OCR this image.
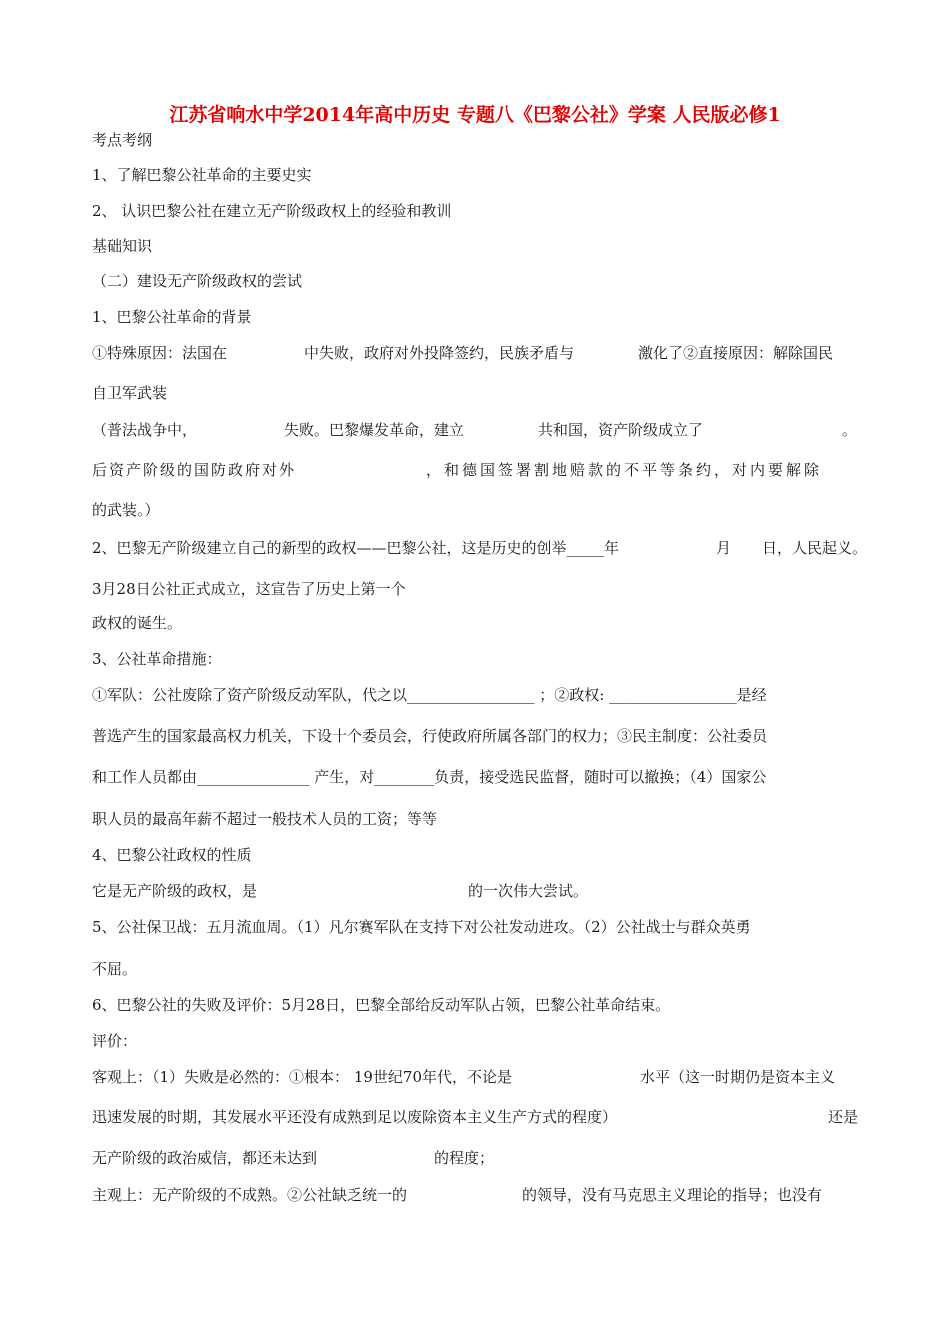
江苏省响水中学2014年高中历史 专题八《巴黎公社》学案 人民版必修1
考点考纲
1、了解巴黎公社革命的主要史实
2、 认识巴黎公社在建立无产阶级政权上的经验和教训
基础知识
（二）建设无产阶级政权的尝试
1、巴黎公社革命的背景
①特殊原因：法国在	中失败，政府对外投降签约，民族矛盾与	激化了②直接原因：解除国民
自卫军武装
（普法战争中，	失败。巴黎爆发革命，建立	共和国，资产阶级成立了	。
后资产阶级的国防政府对外	，和德国签署割地赔款的不平等条约，对内要解除
的武装。）
2、巴黎无产阶级建立自己的新型的政权——巴黎公社，这是历史的创举_____年	月 日，人民起义。
3月28日公社正式成立，这宣告了历史上第一个
政权的诞生。
3、公社革命措施：
①军队：公社废除了资产阶级反动军队，代之以_________________ ；②政权: _________________是经
普选产生的国家最高权力机关，下设十个委员会，行使政府所属各部门的权力；③民主制度：公社委员
和工作人员都由_______________ 产生，对________负责，接受选民监督，随时可以撤换；（4）国家公
职人员的最高年薪不超过一般技术人员的工资；等等
4、巴黎公社政权的性质
它是无产阶级的政权，是	的一次伟大尝试。
5、公社保卫战：五月流血周。（1）凡尔赛军队在支持下对公社发动进攻。（2）公社战士与群众英勇
不屈。
6、巴黎公社的失败及评价：5月28日，巴黎全部给反动军队占领，巴黎公社革命结束。
评价：
客观上：（1）失败是必然的：①根本： 19世纪70年代，不论是	水平（这一时期仍是资本主义
迅速发展的时期，其发展水平还没有成熟到足以废除资本主义生产方式的程度）	还是
无产阶级的政治威信，都还未达到	的程度；
主观上：无产阶级的不成熟。②公社缺乏统一的	的领导，没有马克思主义理论的指导；也没有
